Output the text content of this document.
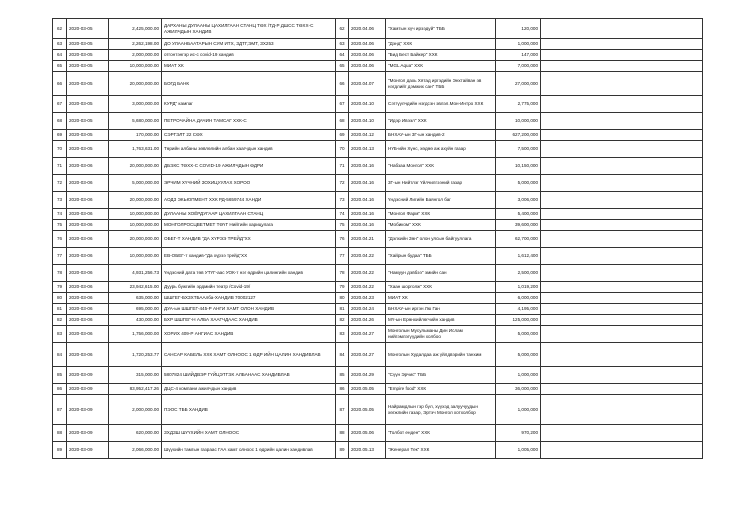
62	2020-03-05	2,425,000.00	ДАРХАНЫ ДУЛААНЫ ЦАХИЛГААН СТАНЦ ТӨХ /ТД-Р ДШСС ТӨХХ-С АЖИЛЧДЫН ХАНДИВ	62	2020.04.06	"Хамтын хүч ирээдүй" ТББ	120,000	
63	2020-03-05	2,262,198.00	ДО УЛААНБААТАРЫН СУМ ИТХ, ЗДТГ,ЭМТ, ЗХ253	63	2020.04.06	"Дэнд" ХХК	1,000,000	
64	2020-03-05	2,000,000.00	отгонтэнгэр ис-с covid-19 хандив	64	2020.04.06	"Бид Бест Байкер" ХХК	147,000	
65	2020-03-05	10,000,000.00	МИАТ ХК	65	2020.04.06	"MGL Aqua" ХХК	7,000,000	
66	2020-03-05	20,000,000.00	БОГД БАНК	66	2020.04.07	"Монгол дахь Хятад иргэдийн Энхтайван эв нэгдлийг дэмжих сан" ТББ	27,000,000	
67	2020-03-05	3,000,000.00	КУРД" кампаг	67	2020.04.10	Сэтгүүлчдийн нэгдсэн эвлэл.Мон-Интро ХХК	2,775,000	
68	2020-03-05	5,680,000.00	ПЕТРОЧАЙНА ДАЧИН ТАМСАГ ХХК-С	68	2020.04.10	"Идэр Ивээл" ХХК	10,000,000	
69	2020-03-05	170,000.00	СЭРГЭЛТ 22 СӨХ	69	2020.04.12	БНХАУ-ын 3Г-ын хандив-2	627,200,000	
70	2020-03-05	1,763,631.00	Төрийн албаны зөвлөлийн албан хаагчдын хандив	70	2020.04.13	НҮБ-ийн Хүнс, хөдөө аж ахуйн газар	7,500,000	
71	2020-03-06	20,000,000.00	ДБЭХС ТӨХХ-С COVID-19 АЖИЛЧДЫН ӨДРИ	71	2020.04.16	"Набзаа Монгол" ХХК	10,150,000	
72	2020-03-06	5,000,000.00	ЭРЧИМ ХҮЧНИЙ ЗОХИЦУУЛАХ ХОРОО	72	2020.04.16	3Г-ын Нийтлэг Үйлчилгээний газар	5,000,000	
73	2020-03-06	20,000,000.00	АОДЗ ЭКЬЮПМЕНТ ХХК РД-5659744 ХАНДИ	73	2020.04.16	Үндэсний Лигийн Баянгол баг	3,006,000	
74	2020-03-06	10,000,000.00	ДУЛААНЫ ХОЁРДУГААР ЦАХИЛГААН СТАНЦ	74	2020.04.16	"Монгол Фарм" ХХК	5,400,000	
75	2020-03-06	10,000,000.00	МОНГОЛРОСЦВЕТМЕТ ТӨҮГ Нийтийн харицулага	75	2020.04.16	"Мобиком" ХХК	39,600,000	
76	2020-03-06	20,000,000.00	ОБЕГ-Т ХАНДИВ "ДА ХҮРЭЭ ТРЕЙД"ХХ	76	2020.04.21	"Дэлхийн Зөн" олон улсын байгууллага	62,700,000	
77	2020-03-06	10,000,000.00	ЕВ-ОБЕГ-т хандив-"Да хүрээ трейд"ХХ	77	2020.04.22	"Хайрын будаа" ТББ	1,612,400	
78	2020-03-06	4,931,256.73	Үндэсний дата төв УТҮГ-аас УОК-т нэг өдрийн цалингийн хандив	78	2020.04.22	"Намуун дэвбээ" эмийн сан	2,500,000	
79	2020-03-06	23,942,615.00	Дуурь бүжгийн эрдмийн театр /Covid-19/	79	2020.04.22	"Хаан шорголж" ХХК	1,019,200	
80	2020-03-06	635,000.00	ШШГЕГ-БХЗХТБААлба-ХАНДИВ 70002127	80	2020.04.23	МИАТ ХК	6,000,000	
81	2020-03-06	695,000.00	ДУА-ын ШШГЕГ-445-Р АНГИ ХАМТ ОЛОН ХАНДИВ	81	2020.04.24	БНХАУ-ын иргэн Лю Ган	4,195,000	
82	2020-03-06	430,000.00	БХР ШШГЕГ-Н АЛБА ХААГЧДААС ХАНДИВ	82	2020.04.26	МҮ-ын Ерөнхийлөгчийн хандив	125,000,000	
83	2020-03-06	1,756,000.00	ХОРИХ 409-Р АНГИАС ХАНДИВ	83	2020.04.27	Монголын Мусульманы Дин Ислам нийгэмлэгүүдийн холбоо	5,000,000	
84	2020-03-06	1,720,253.77	САНСАР КАБЕЛЬ ХХК ХАМТ ОЛНООС 1 ӨДР ИЙН ЦАЛИН ХАНДИВЛАВ	84	2020.04.27	Монголын Худалдаа аж үйлдвэрийн танхим	5,000,000	
85	2020-03-09	315,000.00	5807824 ШИЙДВЭР ГҮЙЦЭТГЭХ АЛБАНААС ХАНДИВЛАВ	85	2020.04.29	"Сүүн Эрчис" ТББ	1,000,000	
86	2020-03-09	83,952,417.26	ДЦС-4 компани ажилчдын хандив	86	2020.05.05	"Empire food" ХХК	36,000,000	
87	2020-03-09	2,000,000.00	ПЭОС ТББ ХАНДИВ	87	2020.05.05	Найрамдлын гэр бүл, хүүхэд залуучуудын хөгжлийн газар, Эртэч Монгол хотхолбор	1,000,000	
88	2020-03-09	620,000.00	ЗХДЗШ ШҮҮХИЙН ХАМТ ОЛНООС	88	2020.05.06	"Голбот енден" ХХК	970,200	
89	2020-03-09	2,066,000.00	Шүүхийн тамгын газраас ГАА хамт олноос 1 өдрийн цалин хандивлав	89	2020.05.13	"Женерал Тек" ХХК	1,005,000	
